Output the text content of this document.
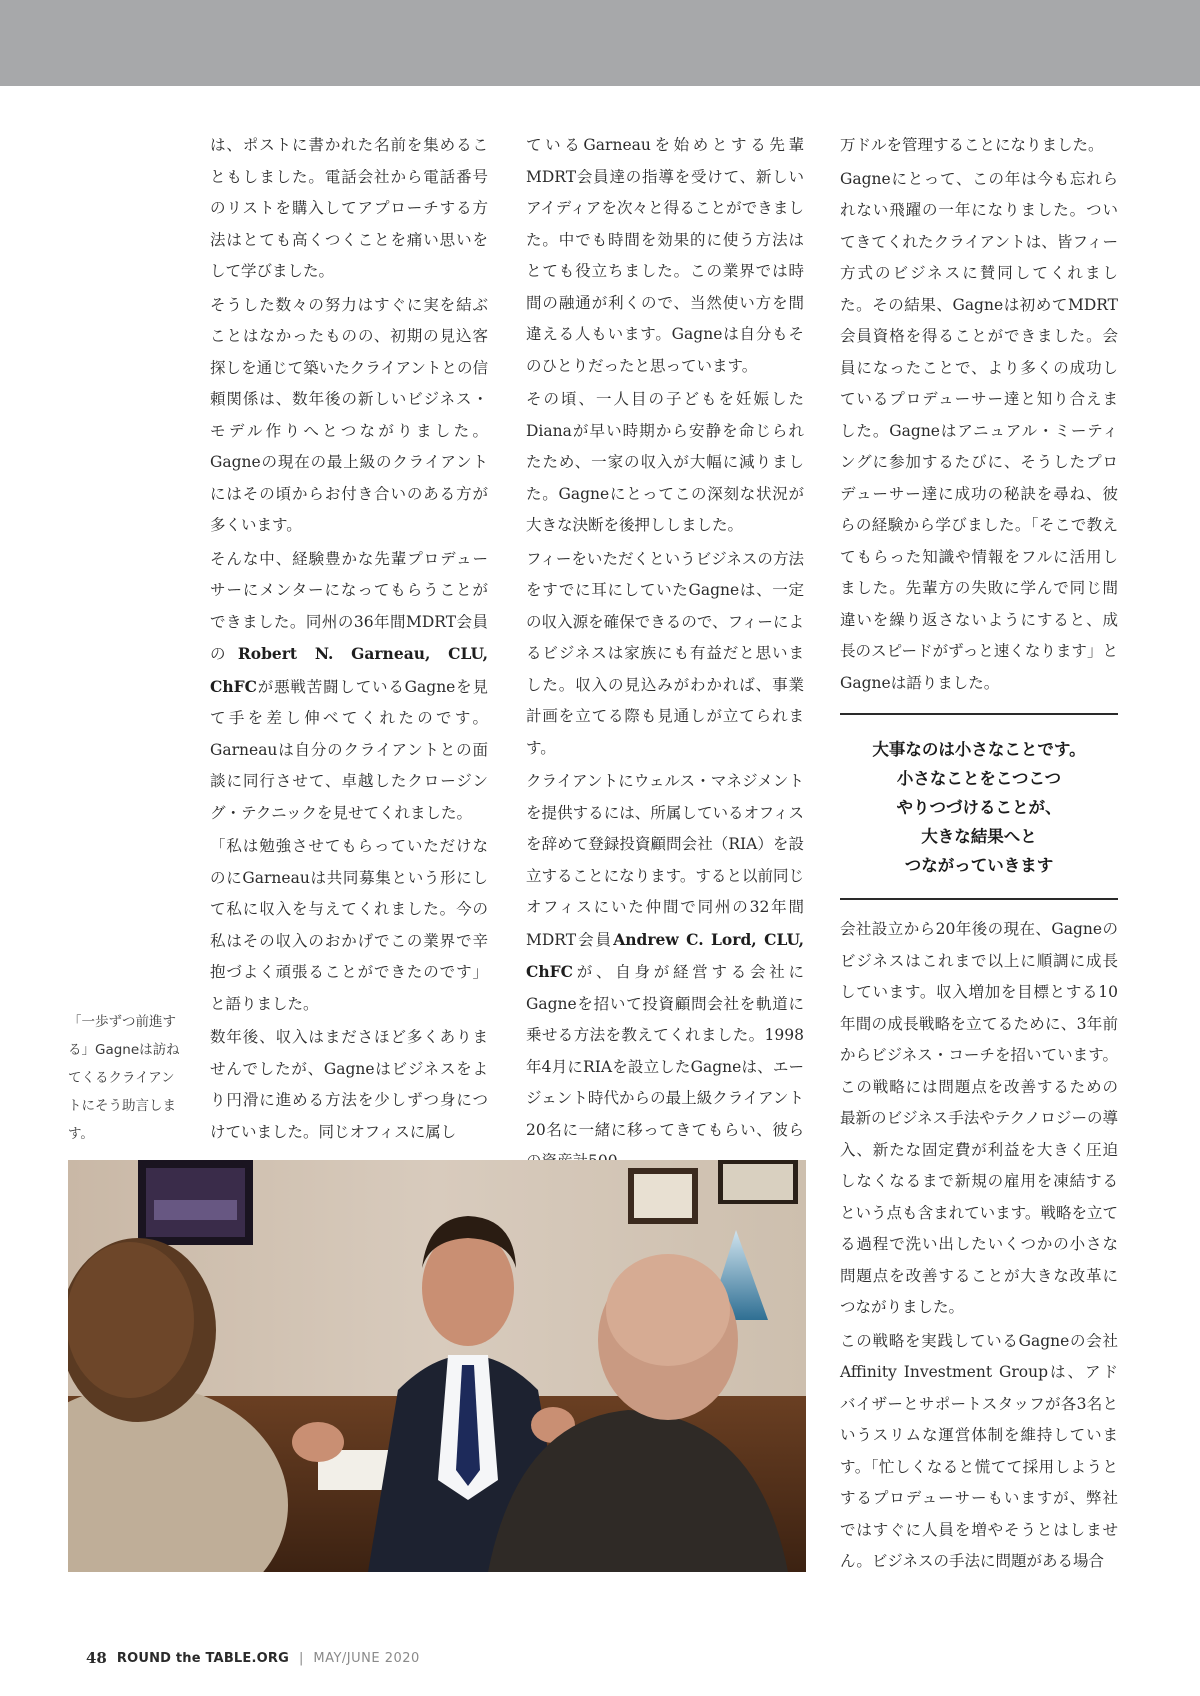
は、ポストに書かれた名前を集めることもしました。電話会社から電話番号のリストを購入してアプローチする方法はとても高くつくことを痛い思いをして学びました。

そうした数々の努力はすぐに実を結ぶことはなかったものの、初期の見込客探しを通じて築いたクライアントとの信頼関係は、数年後の新しいビジネス・モデル作りへとつながりました。Gagneの現在の最上級のクライアントにはその頃からお付き合いのある方が多くいます。

そんな中、経験豊かな先輩プロデューサーにメンターになってもらうことができました。同州の36年間MDRT会員のRobert N. Garneau, CLU, ChFCが悪戦苦闘しているGagneを見て手を差し伸べてくれたのです。Garneauは自分のクライアントとの面談に同行させて、卓越したクロージング・テクニックを見せてくれました。

「私は勉強させてもらっていただけなのにGarneauは共同募集という形にして私に収入を与えてくれました。今の私はその収入のおかげでこの業界で辛抱づよく頑張ることができたのです」と語りました。

数年後、収入はまださほど多くありませんでしたが、Gagneはビジネスをより円滑に進める方法を少しずつ身につけていました。同じオフィスに属し

ているGarneauを始めとする先輩MDRT会員達の指導を受けて、新しいアイディアを次々と得ることができました。中でも時間を効果的に使う方法はとても役立ちました。この業界では時間の融通が利くので、当然使い方を間違える人もいます。Gagneは自分もそのひとりだったと思っています。

その頃、一人目の子どもを妊娠したDianaが早い時期から安静を命じられたため、一家の収入が大幅に減りました。Gagneにとってこの深刻な状況が大きな決断を後押ししました。

フィーをいただくというビジネスの方法をすでに耳にしていたGagneは、一定の収入源を確保できるので、フィーによるビジネスは家族にも有益だと思いました。収入の見込みがわかれば、事業計画を立てる際も見通しが立てられます。

クライアントにウェルス・マネジメントを提供するには、所属しているオフィスを辞めて登録投資顧問会社（RIA）を設立することになります。すると以前同じオフィスにいた仲間で同州の32年間MDRT会員Andrew C. Lord, CLU, ChFCが、自身が経営する会社にGagneを招いて投資顧問会社を軌道に乗せる方法を教えてくれました。1998年4月にRIAを設立したGagneは、エージェント時代からの最上級クライアント20名に一緒に移ってきてもらい、彼ら

万ドルを管理することになりました。

Gagneにとって、この年は今も忘れられない飛躍の一年になりました。ついてきてくれたクライアントは、皆フィー方式のビジネスに賛同してくれました。その結果、Gagneは初めてMDRT会員資格を得ることができました。会員になったことで、より多くの成功しているプロデューサー達と知り合えました。Gagneはアニュアル・ミーティングに参加するたびに、そうしたプロデューサー達に成功の秘訣を尋ね、彼らの経験から学びました。「そこで教えてもらった知識や情報をフルに活用しました。先輩方の失敗に学んで同じ間違いを繰り返さないようにすると、成長のスピードがずっと速くなります」とGagneは語りました。

大事なのは小さなことです。
小さなことをこつこつ
やりつづけることが、
大きな結果へと
つながっていきます

会社設立から20年後の現在、Gagneのビジネスはこれまで以上に順調に成長しています。収入増加を目標とする10年間の成長戦略を立てるために、3年前からビジネス・コーチを招いています。この戦略には問題点を改善するための最新のビジネス手法やテクノロジーの導入、新たな固定費が利益を大きく圧迫しなくなるまで新規の雇用を凍結するという点も含まれています。戦略を立てる過程で洗い出したいくつかの小さな問題点を改善することが大きな改革につながりました。

この戦略を実践しているGagneの会社Affinity Investment Groupは、アドバイザーとサポートスタッフが各3名というスリムな運営体制を維持しています。「忙しくなると慌てて採用しようとするプロデューサーもいますが、弊社ではすぐに人員を増やそうとはしません。ビジネスの手法に問題がある場合

「一歩ずつ前進する」Gagneは訪ねてくるクライアントにそう助言します。
48 ROUND the TABLE.ORG | MAY/JUNE 2020
